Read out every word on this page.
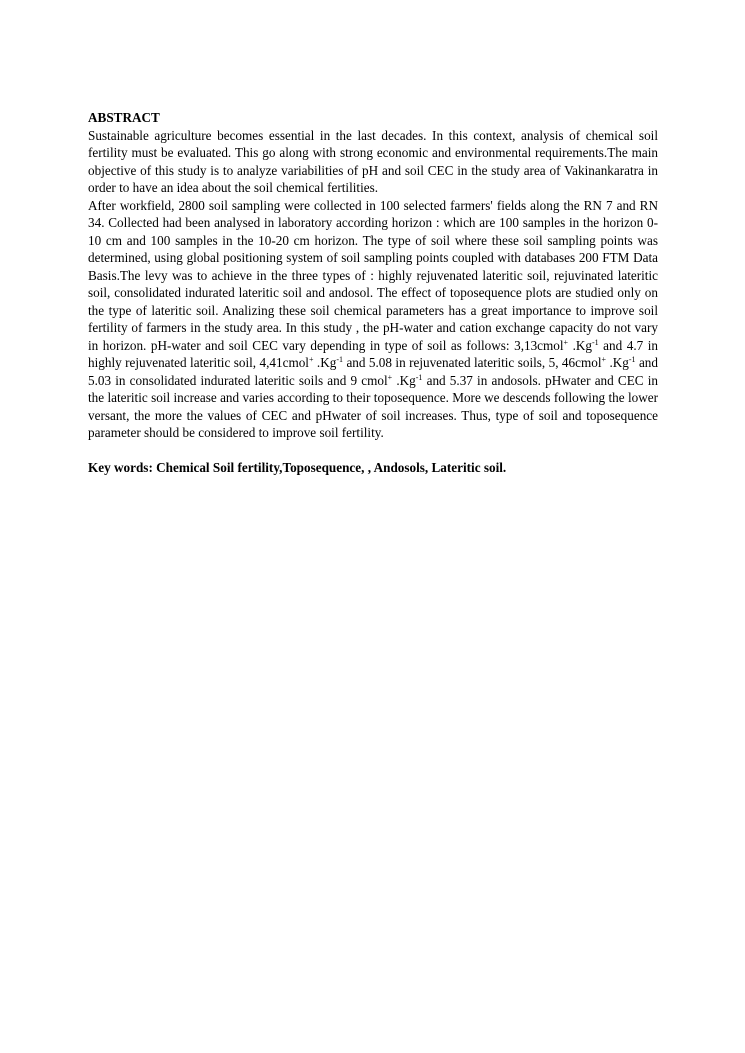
ABSTRACT

Sustainable agriculture becomes essential in the last decades. In this context, analysis of chemical soil fertility must be evaluated. This go along with strong economic and environmental requirements.The main objective of this study is to analyze variabilities of pH and soil CEC in the study area of Vakinankaratra in order to have an idea about the soil chemical fertilities.

After workfield, 2800 soil sampling were collected in 100 selected farmers' fields along the RN 7 and RN 34. Collected had been analysed in laboratory according horizon : which are 100 samples in the horizon 0-10 cm and 100 samples in the 10-20 cm horizon. The type of soil where these soil sampling points was determined, using global positioning system of soil sampling points coupled with databases 200 FTM Data Basis.The levy was to achieve in the three types of : highly rejuvenated lateritic soil, rejuvinated lateritic soil, consolidated indurated lateritic soil and andosol. The effect of toposequence plots are studied only on the type of lateritic soil. Analizing these soil chemical parameters has a great importance to improve soil fertility of farmers in the study area. In this study , the pH-water and cation exchange capacity do not vary in horizon. pH-water and soil CEC vary depending in type of soil as follows: 3,13cmol+ $.Kg^{-1}$ and 4.7 in highly rejuvenated lateritic soil, 4,41cmol+ $.Kg^{-1}$ and 5.08 in rejuvenated lateritic soils, 5, 46cmol+ $.Kg^{-1}$ and 5.03 in consolidated indurated lateritic soils and 9 cmol+ $.Kg^{-1}$ and 5.37 in andosols. pHwater and CEC in the lateritic soil increase and varies according to their toposequence. More we descends following the lower versant, the more the values of CEC and pHwater of soil increases. Thus, type of soil and toposequence parameter should be considered to improve soil fertility.

Key words: Chemical Soil fertility,Toposequence, , Andosols, Lateritic soil.
